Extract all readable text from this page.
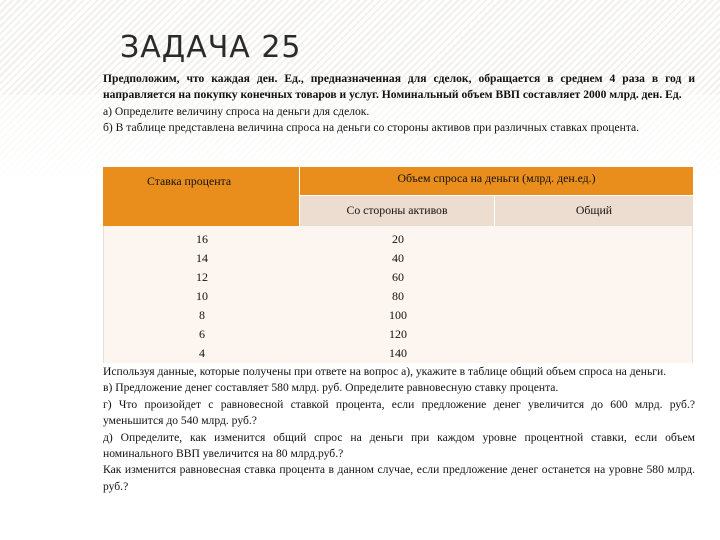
ЗАДАЧА 25

Предположим, что каждая ден. Ед., предназначенная для сделок, обращается в среднем 4 раза в год и направляется на покупку конечных товаров и услуг. Номинальный объем ВВП составляет 2000 млрд. ден. Ед.

а) Определите величину спроса на деньги для сделок.

б) В таблице представлена величина спроса на деньги со стороны активов при различных ставках процента.

Ставка процента	Объем спроса на деньги (млрд. ден.ед.)
Со стороны активов	Общий
16	20
14	40
12	60
10	80
8	100
6	120
4	140

Используя данные, которые получены при ответе на вопрос а), укажите в таблице общий объем спроса на деньги.

в) Предложение денег составляет 580 млрд. руб. Определите равновесную ставку процента.

г) Что произойдет с равновесной ставкой процента, если предложение денег увеличится до 600 млрд. руб.? уменьшится до 540 млрд. руб.?

д) Определите, как изменится общий спрос на деньги при каждом уровне процентной ставки, если объем номинального ВВП увеличится на 80 млрд.руб.?

Как изменится равновесная ставка процента в данном случае, если предложение денег останется на уровне 580 млрд. руб.?
